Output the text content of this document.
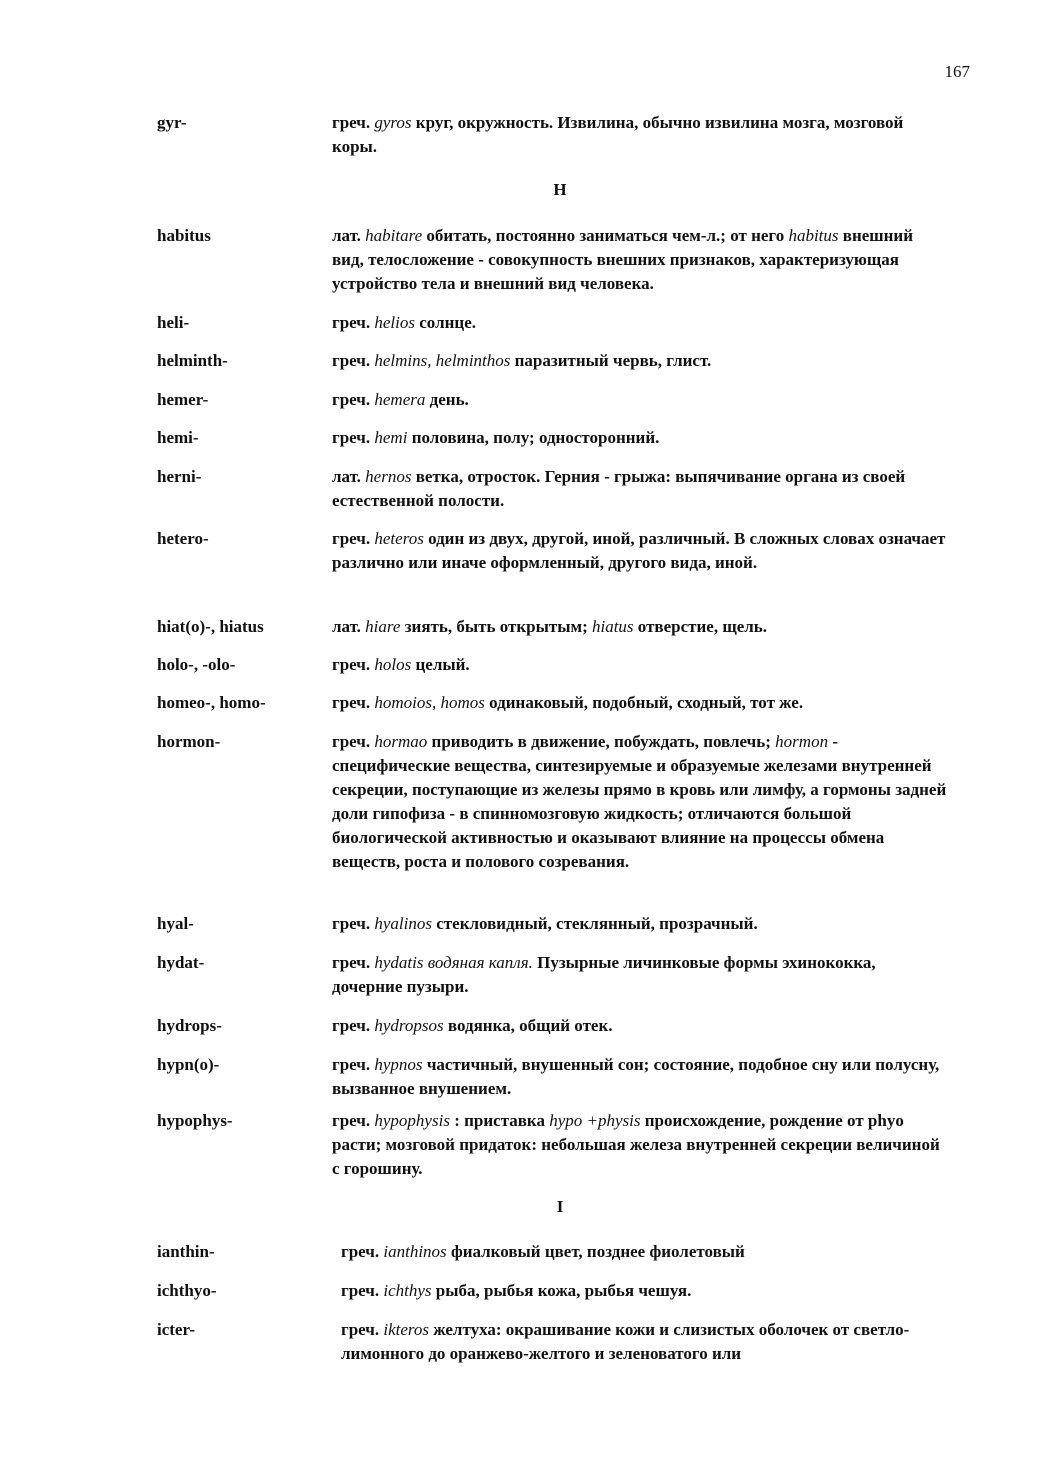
167
gyr-	греч. gyros круг, окружность. Извилина, обычно извилина мозга, мозговой коры.
H
habitus	лат. habitare обитать, постоянно заниматься чем-л.; от него habitus внешний вид, телосложение - совокупность внешних признаков, характеризующая устройство тела и внешний вид человека.
heli-	греч. helios солнце.
helminth-	греч. helmins, helminthos паразитный червь, глист.
hemer-	греч. hemera день.
hemi-	греч. hemi половина, полу; односторонний.
herni-	лат. hernos ветка, отросток. Герния - грыжа: выпячивание органа из своей естественной полости.
hetero-	греч. heteros один из двух, другой, иной, различный. В сложных словах означает различно или иначе оформленный, другого вида, иной.
hiat(o)-, hiatus	лат. hiare зиять, быть открытым; hiatus отверстие, щель.
holo-, -olo-	греч. holos целый.
homeo-, homo-	греч. homoios, homos одинаковый, подобный, сходный, тот же.
hormon-	греч. hormao приводить в движение, побуждать, повлечь; hormоп - специфические вещества, синтезируемые и образуемые железами внутренней секреции, поступающие из железы прямо в кровь или лимфу, а гормоны задней доли гипофиза - в спинномозговую жидкость; отличаются большой биологической активностью и оказывают влияние на процессы обмена веществ, роста и полового созревания.
hyal-	греч. hyalinos стекловидный, стеклянный, прозрачный.
hydat-	греч. hydatis водяная капля. Пузырные личинковые формы эхинококка, дочерние пузыри.
hydrops-	греч. hydropsos водянка, общий отек.
hypn(o)-	греч. hypnos частичный, внушенный сон; состояние, подобное сну или полусну, вызванное внушением.
hypophys-	греч. hypophysis : приставка hypo +physis происхождение, рождение от phyo расти; мозговой придаток: небольшая железа внутренней секреции величиной с горошину.
I
ianthin-	греч. ianthinos фиалковый цвет, позднее фиолетовый
ichthyo-	греч. ichthys рыба, рыбья кожа, рыбья чешуя.
icter-	греч. ikteros желтуха: окрашивание кожи и слизистых оболочек от светло-лимонного до оранжево-желтого и зеленоватого или
